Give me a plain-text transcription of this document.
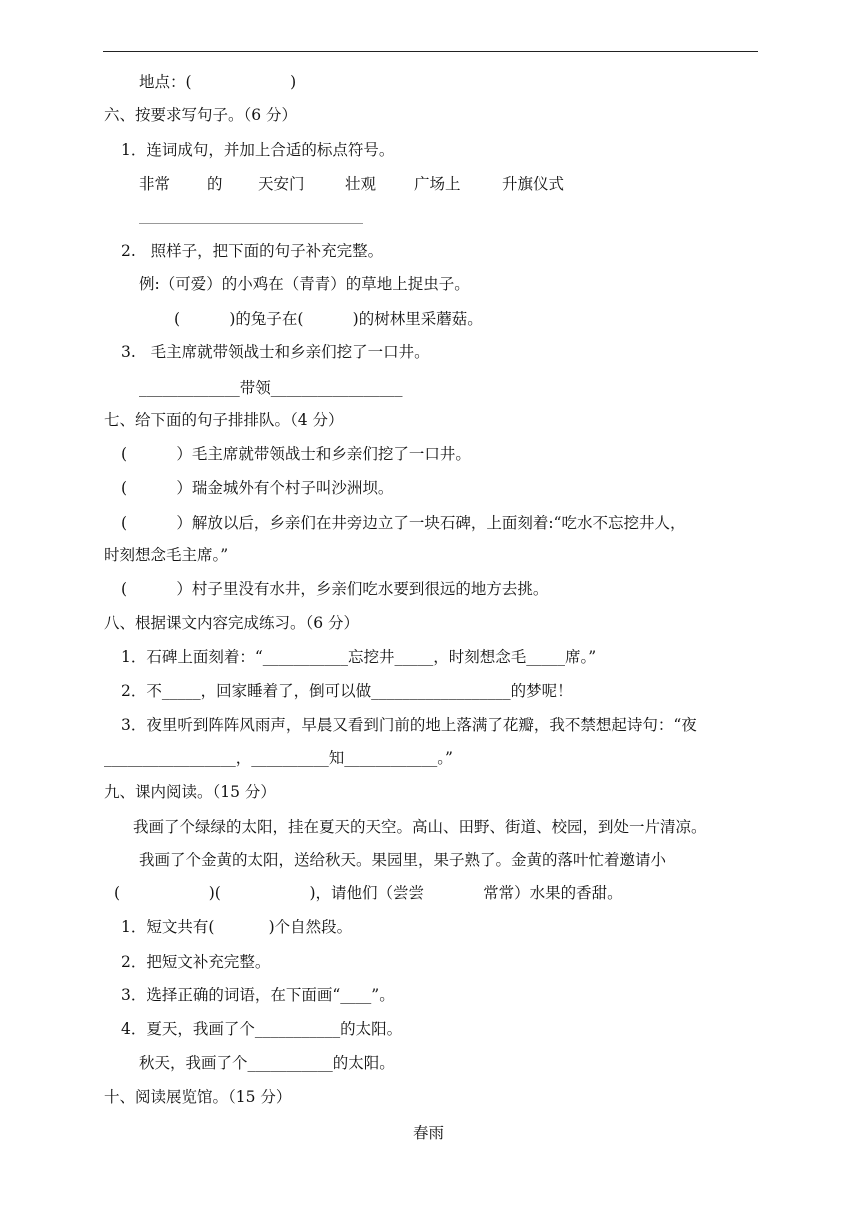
地点：(                    )
六、按要求写句子。（6 分）
1．连词成句，并加上合适的标点符号。
非常 的 天安门	壮观 广场上	升旗仪式
2.   照样子，把下面的句子补充完整。
例:（可爱）的小鸡在（青青）的草地上捉虫子。
(          )的兔子在(          )的树林里采蘑菇。
3.   毛主席就带领战士和乡亲们挖了一口井。
_____________带领_________________
七、给下面的句子排排队。（4 分）
(          ）毛主席就带领战士和乡亲们挖了一口井。
(          ）瑞金城外有个村子叫沙洲坝。
(          ）解放以后，乡亲们在井旁边立了一块石碑，上面刻着:“吃水不忘挖井人，
时刻想念毛主席。”
(          ）村子里没有水井，乡亲们吃水要到很远的地方去挑。
八、根据课文内容完成练习。（6 分）
1．石碑上面刻着：“___________忘挖井_____，时刻想念毛_____席。”
2．不_____，回家睡着了，倒可以做__________________的梦呢！
3．夜里听到阵阵风雨声，早晨又看到门前的地上落满了花瓣，我不禁想起诗句：“夜
_________________，__________知____________。”
九、课内阅读。（15 分）
我画了个绿绿的太阳，挂在夏天的天空。高山、田野、街道、校园，到处一片清凉。
我画了个金黄的太阳，送给秋天。果园里，果子熟了。金黄的落叶忙着邀请小
(                  )(                  )，请他们（尝尝            常常）水果的香甜。
1．短文共有(           )个自然段。
2．把短文补充完整。
3．选择正确的词语，在下面画“____”。
4．夏天，我画了个___________的太阳。
秋天，我画了个___________的太阳。
十、阅读展览馆。（15 分）
春雨
